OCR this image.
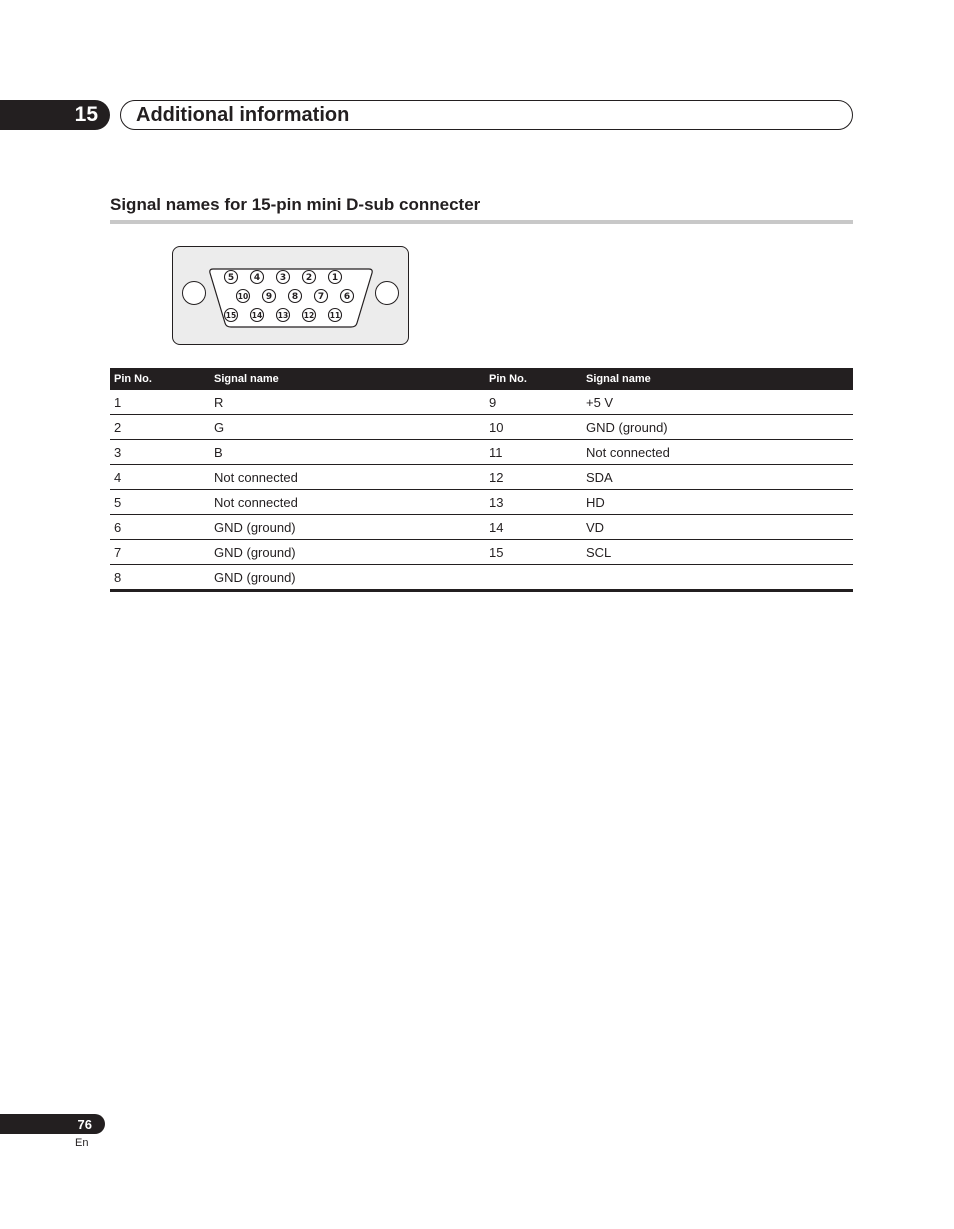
15 Additional information
Signal names for 15-pin mini D-sub connecter
5 4 3 2 1
10 9 8 7 6
15 14 13 12 11
Pin No.	Signal name	Pin No.	Signal name
1	R	9	+5 V
2	G	10	GND (ground)
3	B	11	Not connected
4	Not connected	12	SDA
5	Not connected	13	HD
6	GND (ground)	14	VD
7	GND (ground)	15	SCL
8	GND (ground)		
76
En
